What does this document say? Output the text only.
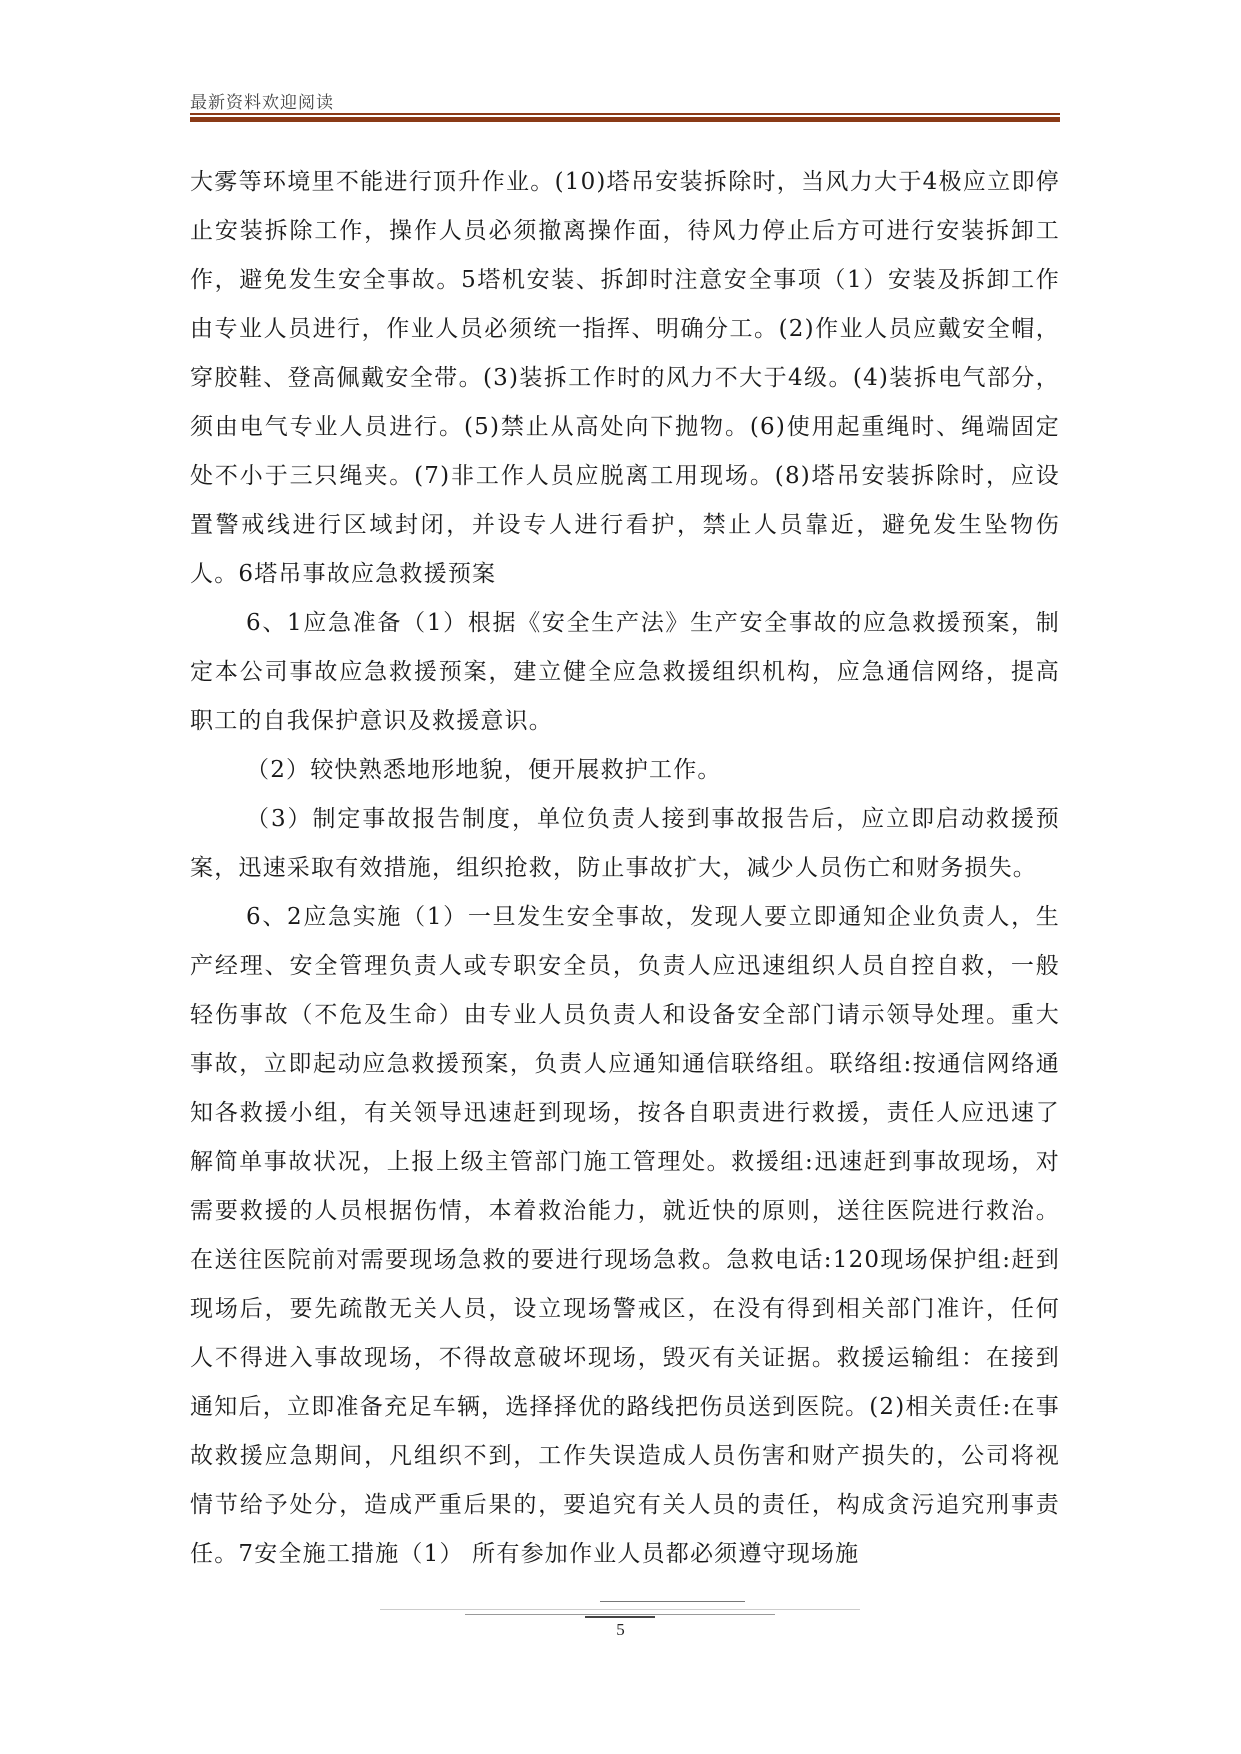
最新资料欢迎阅读

大雾等环境里不能进行顶升作业。(10)塔吊安装拆除时，当风力大于4极应立即停止安装拆除工作，操作人员必须撤离操作面，待风力停止后方可进行安装拆卸工作，避免发生安全事故。5塔机安装、拆卸时注意安全事项（1）安装及拆卸工作由专业人员进行，作业人员必须统一指挥、明确分工。(2)作业人员应戴安全帽，穿胶鞋、登高佩戴安全带。(3)装拆工作时的风力不大于4级。(4)装拆电气部分，须由电气专业人员进行。(5)禁止从高处向下抛物。(6)使用起重绳时、绳端固定处不小于三只绳夹。(7)非工作人员应脱离工用现场。(8)塔吊安装拆除时，应设置警戒线进行区域封闭，并设专人进行看护，禁止人员靠近，避免发生坠物伤人。6塔吊事故应急救援预案

6、1应急准备（1）根据《安全生产法》生产安全事故的应急救援预案，制定本公司事故应急救援预案，建立健全应急救援组织机构，应急通信网络，提高职工的自我保护意识及救援意识。

（2）较快熟悉地形地貌，便开展救护工作。

（3）制定事故报告制度，单位负责人接到事故报告后，应立即启动救援预案，迅速采取有效措施，组织抢救，防止事故扩大，减少人员伤亡和财务损失。

6、2应急实施（1）一旦发生安全事故，发现人要立即通知企业负责人，生产经理、安全管理负责人或专职安全员，负责人应迅速组织人员自控自救，一般轻伤事故（不危及生命）由专业人员负责人和设备安全部门请示领导处理。重大事故，立即起动应急救援预案，负责人应通知通信联络组。联络组:按通信网络通知各救援小组，有关领导迅速赶到现场，按各自职责进行救援，责任人应迅速了解简单事故状况，上报上级主管部门施工管理处。救援组:迅速赶到事故现场，对需要救援的人员根据伤情，本着救治能力，就近快的原则，送往医院进行救治。在送往医院前对需要现场急救的要进行现场急救。急救电话:120现场保护组:赶到现场后，要先疏散无关人员，设立现场警戒区，在没有得到相关部门准许，任何人不得进入事故现场，不得故意破坏现场，毁灭有关证据。救援运输组：在接到通知后，立即准备充足车辆，选择择优的路线把伤员送到医院。(2)相关责任:在事故救援应急期间，凡组织不到，工作失误造成人员伤害和财产损失的，公司将视情节给予处分，造成严重后果的，要追究有关人员的责任，构成贪污追究刑事责任。7安全施工措施（1） 所有参加作业人员都必须遵守现场施

5
